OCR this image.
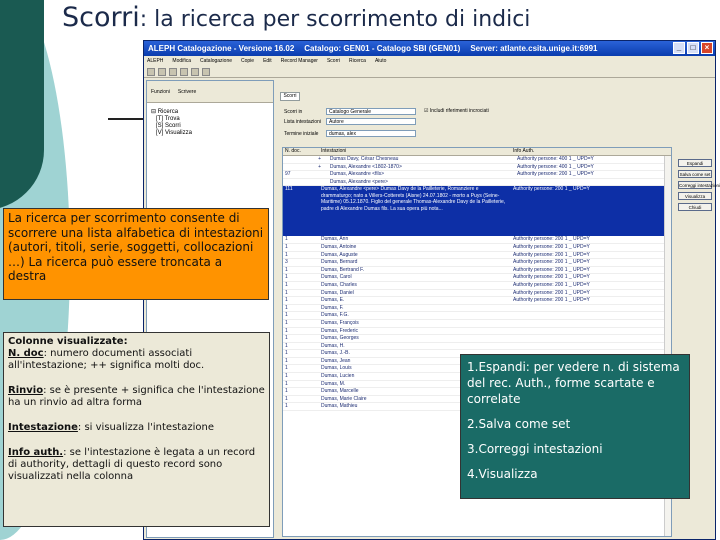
Scorri: la ricerca per scorrimento di indici
ALEPH Catalogazione - Versione 16.02 Catalogo: GEN01 - Catalogo SBI (GEN01) Server: atlante.csita.unige.it:6991	_	□	×
ALEPH Modifica Catalogazione Copie Edit Record Manager Scorri Ricerca Aiuto
Funzioni Scrivere
⊟ Ricerca
[T] Trova
[S] Scorri
[V] Visualizza
Scorri
Scorri in	Catalogo Generale
Lista intestazioni	Autore
Termine iniziale	dumas, alex
☑ Includi riferimenti incrociati
N. doc.	Intestazioni	Info Auth.
+	Dumas Davy, César Chesneau	Authority persone: 400 1 _ UPD=Y
+	Dumas, Alexandre <1802-1870>	Authority persone: 400 1 _ UPD=Y
97	Dumas, Alexandre <fils>	Authority persone: 200 1 _ UPD=Y
Dumas, Alexandre <pere>
111	Dumas, Alexandre <pere> Dumas Davy de la Pailleterie, Romanziere e drammaturgo; nato a Villers-Cotterets (Aisne) 24.07.1802 - morto a Puys (Seine-Maritime) 05.12.1870. Figlio del generale Thomas-Alexandre Davy de la Pailleterie, padre di Alexandre Dumas fils. La sua opera più nota...
Authority persone: 200 1 _ UPD=Y
1	Dumas, Ann	Authority persone: 200 1 _ UPD=Y
1	Dumas, Antoine	Authority persone: 200 1 _ UPD=Y
1	Dumas, Auguste	Authority persone: 200 1 _ UPD=Y
3	Dumas, Bernard	Authority persone: 200 1 _ UPD=Y
1	Dumas, Bertrand F.	Authority persone: 200 1 _ UPD=Y
1	Dumas, Carol	Authority persone: 200 1 _ UPD=Y
1	Dumas, Charles	Authority persone: 200 1 _ UPD=Y
1	Dumas, Daniel	Authority persone: 200 1 _ UPD=Y
1	Dumas, E.	Authority persone: 200 1 _ UPD=Y
1	Dumas, F.
1	Dumas, F.G.
1	Dumas, François
1	Dumas, Frederic
1	Dumas, Georges
1	Dumas, H.
1	Dumas, J.-B.
1	Dumas, Jean
1	Dumas, Louis
1	Dumas, Lucien
1	Dumas, M.
1	Dumas, Marcelle
1	Dumas, Marie Claire
1	Dumas, Mathieu
Espandi
Salva come set
Correggi intestazioni
Visualizza
Chiudi

La ricerca per scorrimento consente di scorrere una lista alfabetica di intestazioni (autori, titoli, serie, soggetti, collocazioni …) La ricerca può essere troncata a destra

Colonne visualizzate:
N. doc: numero documenti associati all'intestazione; ++ significa molti doc.

Rinvio: se è presente + significa che l'intestazione ha un rinvio ad altra forma

Intestazione: si visualizza l'intestazione

Info auth.: se l'intestazione è legata a un record di authority, dettagli di questo record sono visualizzati nella colonna

1.Espandi: per vedere n. di sistema del rec. Auth., forme scartate e correlate

2.Salva come set

3.Correggi intestazioni

4.Visualizza
